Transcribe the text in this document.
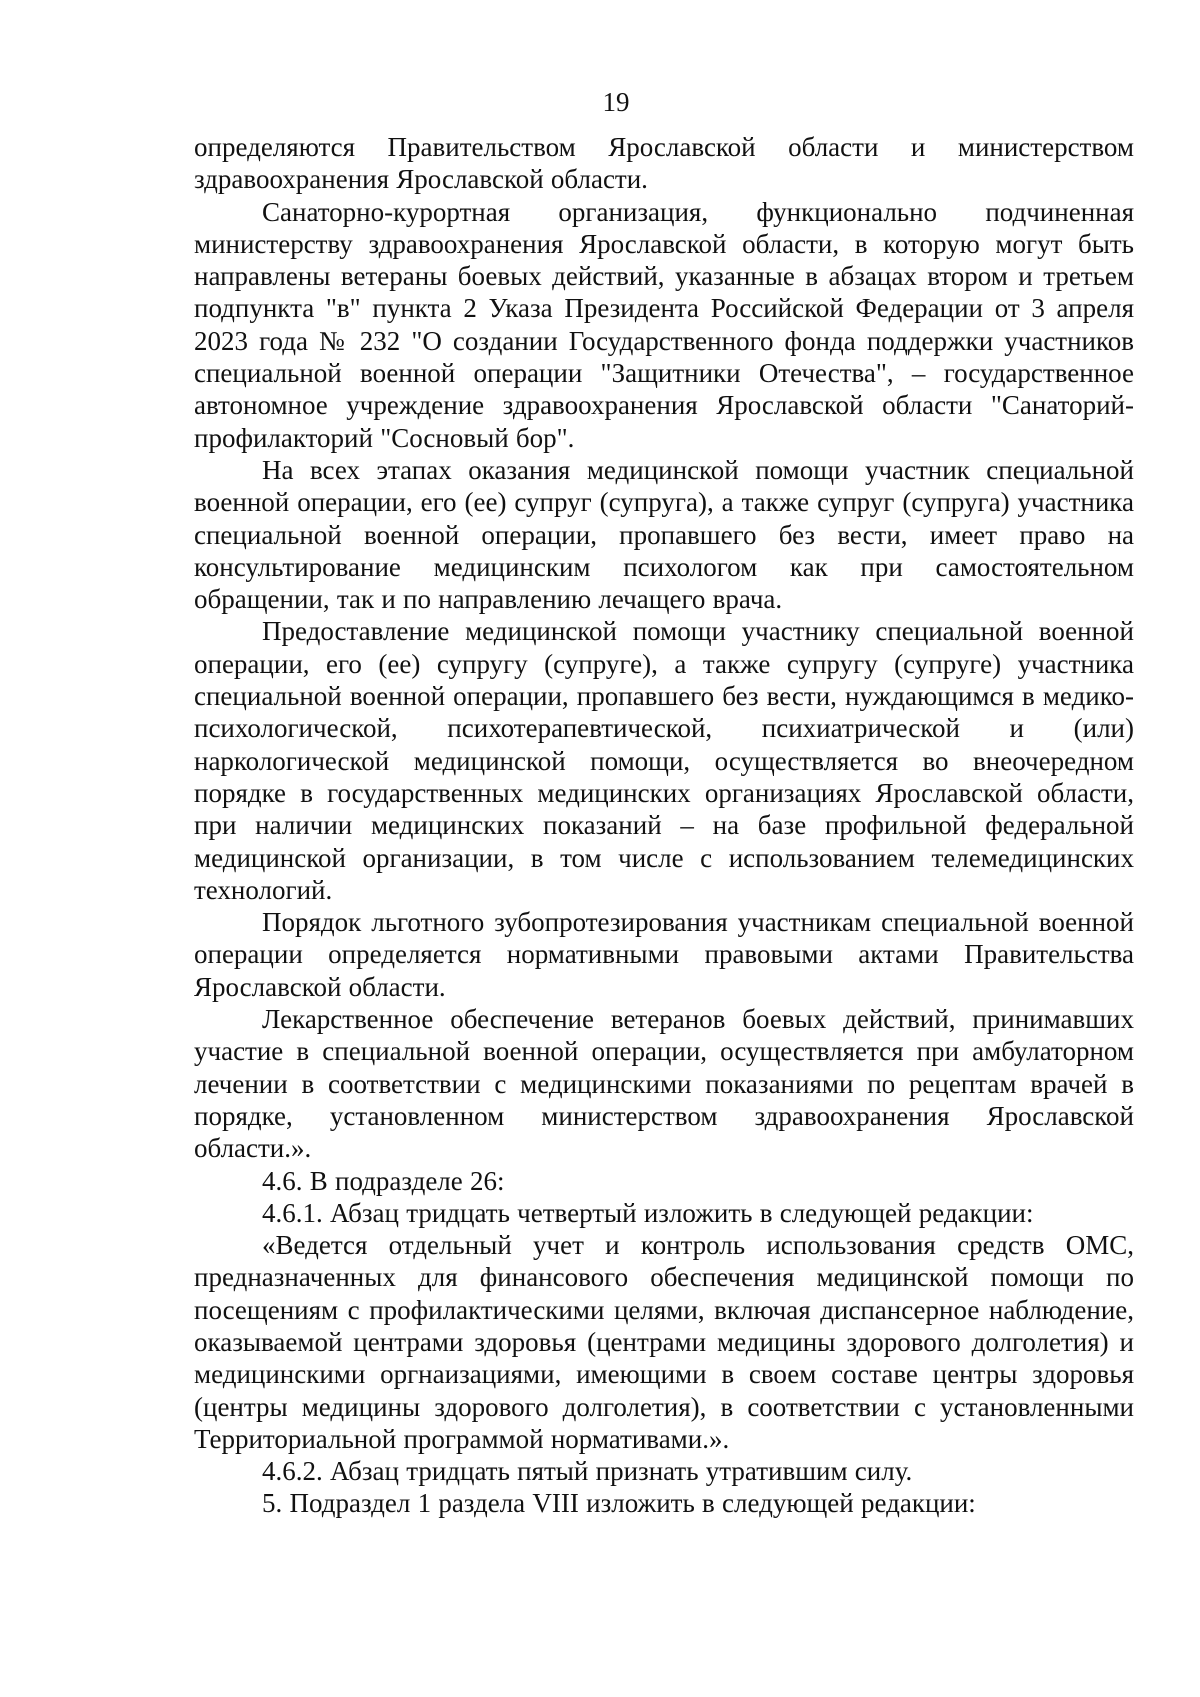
19

определяются Правительством Ярославской области и министерством здравоохранения Ярославской области.

Санаторно-курортная организация, функционально подчиненная министерству здравоохранения Ярославской области, в которую могут быть направлены ветераны боевых действий, указанные в абзацах втором и третьем подпункта "в" пункта 2 Указа Президента Российской Федерации от 3 апреля 2023 года № 232 "О создании Государственного фонда поддержки участников специальной военной операции "Защитники Отечества", – государственное автономное учреждение здравоохранения Ярославской области "Санаторий-профилакторий "Сосновый бор".

На всех этапах оказания медицинской помощи участник специальной военной операции, его (ее) супруг (супруга), а также супруг (супруга) участника специальной военной операции, пропавшего без вести, имеет право на консультирование медицинским психологом как при самостоятельном обращении, так и по направлению лечащего врача.

Предоставление медицинской помощи участнику специальной военной операции, его (ее) супругу (супруге), а также супругу (супруге) участника специальной военной операции, пропавшего без вести, нуждающимся в медико-психологической, психотерапевтической, психиатрической и (или) наркологической медицинской помощи, осуществляется во внеочередном порядке в государственных медицинских организациях Ярославской области, при наличии медицинских показаний – на базе профильной федеральной медицинской организации, в том числе с использованием телемедицинских технологий.

Порядок льготного зубопротезирования участникам специальной военной операции определяется нормативными правовыми актами Правительства Ярославской области.

Лекарственное обеспечение ветеранов боевых действий, принимавших участие в специальной военной операции, осуществляется при амбулаторном лечении в соответствии с медицинскими показаниями по рецептам врачей в порядке, установленном министерством здравоохранения Ярославской области.».

4.6. В подразделе 26:

4.6.1. Абзац тридцать четвертый изложить в следующей редакции:

«Ведется отдельный учет и контроль использования средств ОМС, предназначенных для финансового обеспечения медицинской помощи по посещениям с профилактическими целями, включая диспансерное наблюдение, оказываемой центрами здоровья (центрами медицины здорового долголетия) и медицинскими оргнаизациями, имеющими в своем составе центры здоровья (центры медицины здорового долголетия), в соответствии с установленными Территориальной программой нормативами.».

4.6.2. Абзац тридцать пятый признать утратившим силу.

5. Подраздел 1 раздела VIII изложить в следующей редакции:
